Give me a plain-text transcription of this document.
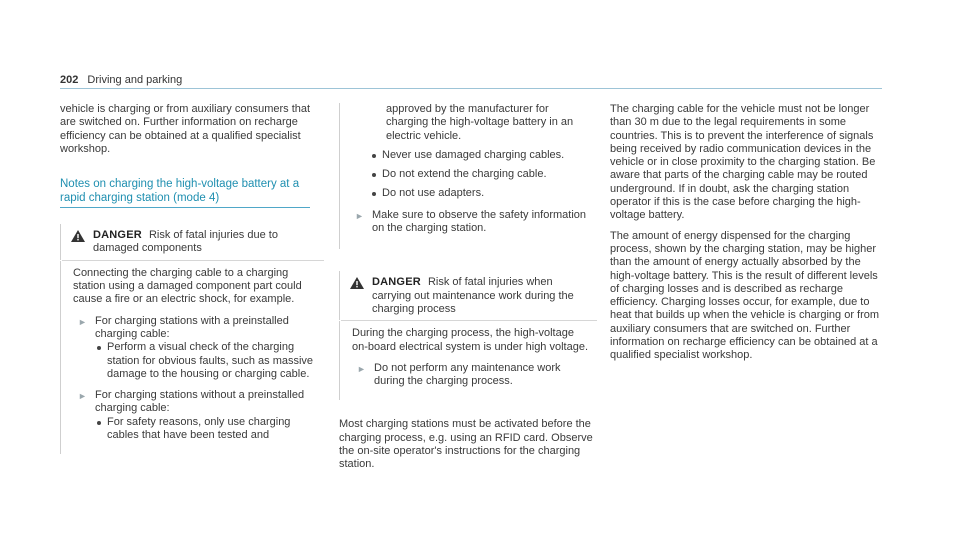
202 Driving and parking

vehicle is charging or from auxiliary consumers that are switched on. Further information on recharge efficiency can be obtained at a qualified specialist workshop.

Notes on charging the high-voltage battery at a rapid charging station (mode 4)
DANGER Risk of fatal injuries due to damaged components

Connecting the charging cable to a charging station using a damaged component part could cause a fire or an electric shock, for example.

► For charging stations with a preinstalled charging cable:
Perform a visual check of the charging station for obvious faults, such as massive damage to the housing or charging cable.
► For charging stations without a preinstalled charging cable:
For safety reasons, only use charging cables that have been tested and

approved by the manufacturer for charging the high-voltage battery in an electric vehicle.

Never use damaged charging cables.
Do not extend the charging cable.
Do not use adapters.
► Make sure to observe the safety information on the charging station.
DANGER Risk of fatal injuries when carrying out maintenance work during the charging process

During the charging process, the high-voltage on-board electrical system is under high voltage.

► Do not perform any maintenance work during the charging process.

Most charging stations must be activated before the charging process, e.g. using an RFID card. Observe the on-site operator's instructions for the charging station.

The charging cable for the vehicle must not be longer than 30 m due to the legal requirements in some countries. This is to prevent the interference of signals being received by radio communication devices in the vehicle or in close proximity to the charging station. Be aware that parts of the charging cable may be routed underground. If in doubt, ask the charging station operator if this is the case before charging the high-voltage battery.

The amount of energy dispensed for the charging process, shown by the charging station, may be higher than the amount of energy actually absorbed by the high-voltage battery. This is the result of different levels of charging losses and is described as recharge efficiency. Charging losses occur, for example, due to heat that builds up when the vehicle is charging or from auxiliary consumers that are switched on. Further information on recharge efficiency can be obtained at a qualified specialist workshop.
